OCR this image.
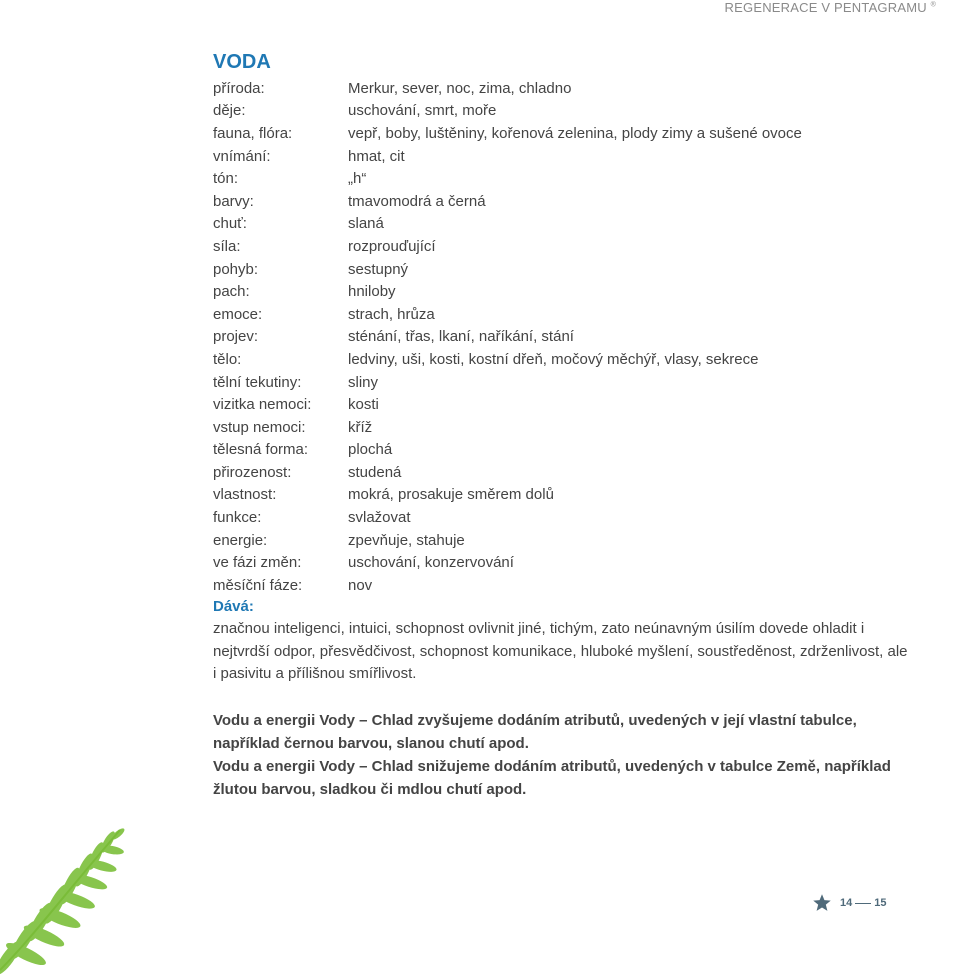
REGENERACE V PENTAGRAMU ®
VODA
příroda:	Merkur, sever, noc, zima, chladno
děje:	uschování, smrt, moře
fauna, flóra:	vepř, boby, luštěniny, kořenová zelenina, plody zimy a sušené ovoce
vnímání:	hmat, cit
tón:	„h“
barvy:	tmavomodrá a černá
chuť:	slaná
síla:	rozprouďující
pohyb:	sestupný
pach:	hniloby
emoce:	strach, hrůza
projev:	sténání, třas, lkaní, naříkání, stání
tělo:	ledviny, uši, kosti, kostní dřeň, močový měchýř, vlasy, sekrece
tělní tekutiny:	sliny
vizitka nemoci:	kosti
vstup nemoci:	kříž
tělesná forma:	plochá
přirozenost:	studená
vlastnost:	mokrá, prosakuje směrem dolů
funkce:	svlažovat
energie:	zpevňuje, stahuje
ve fázi změn:	uschování, konzervování
měsíční fáze:	nov
Dává:
značnou inteligenci, intuici, schopnost ovlivnit jiné, tichým, zato neúnavným úsilím dovede ohladit i nejtvrdší odpor, přesvědčivost, schopnost komunikace, hluboké myšlení, soustředěnost, zdrženlivost, ale i pasivitu a přílišnou smířlivost.

Vodu a energii Vody – Chlad zvyšujeme dodáním atributů, uvedených v její vlastní tabulce, například černou barvou, slanou chutí apod.

Vodu a energii Vody – Chlad snižujeme dodáním atributů, uvedených v tabulce Země, například žlutou barvou, sladkou či mdlou chutí apod.

14 15
